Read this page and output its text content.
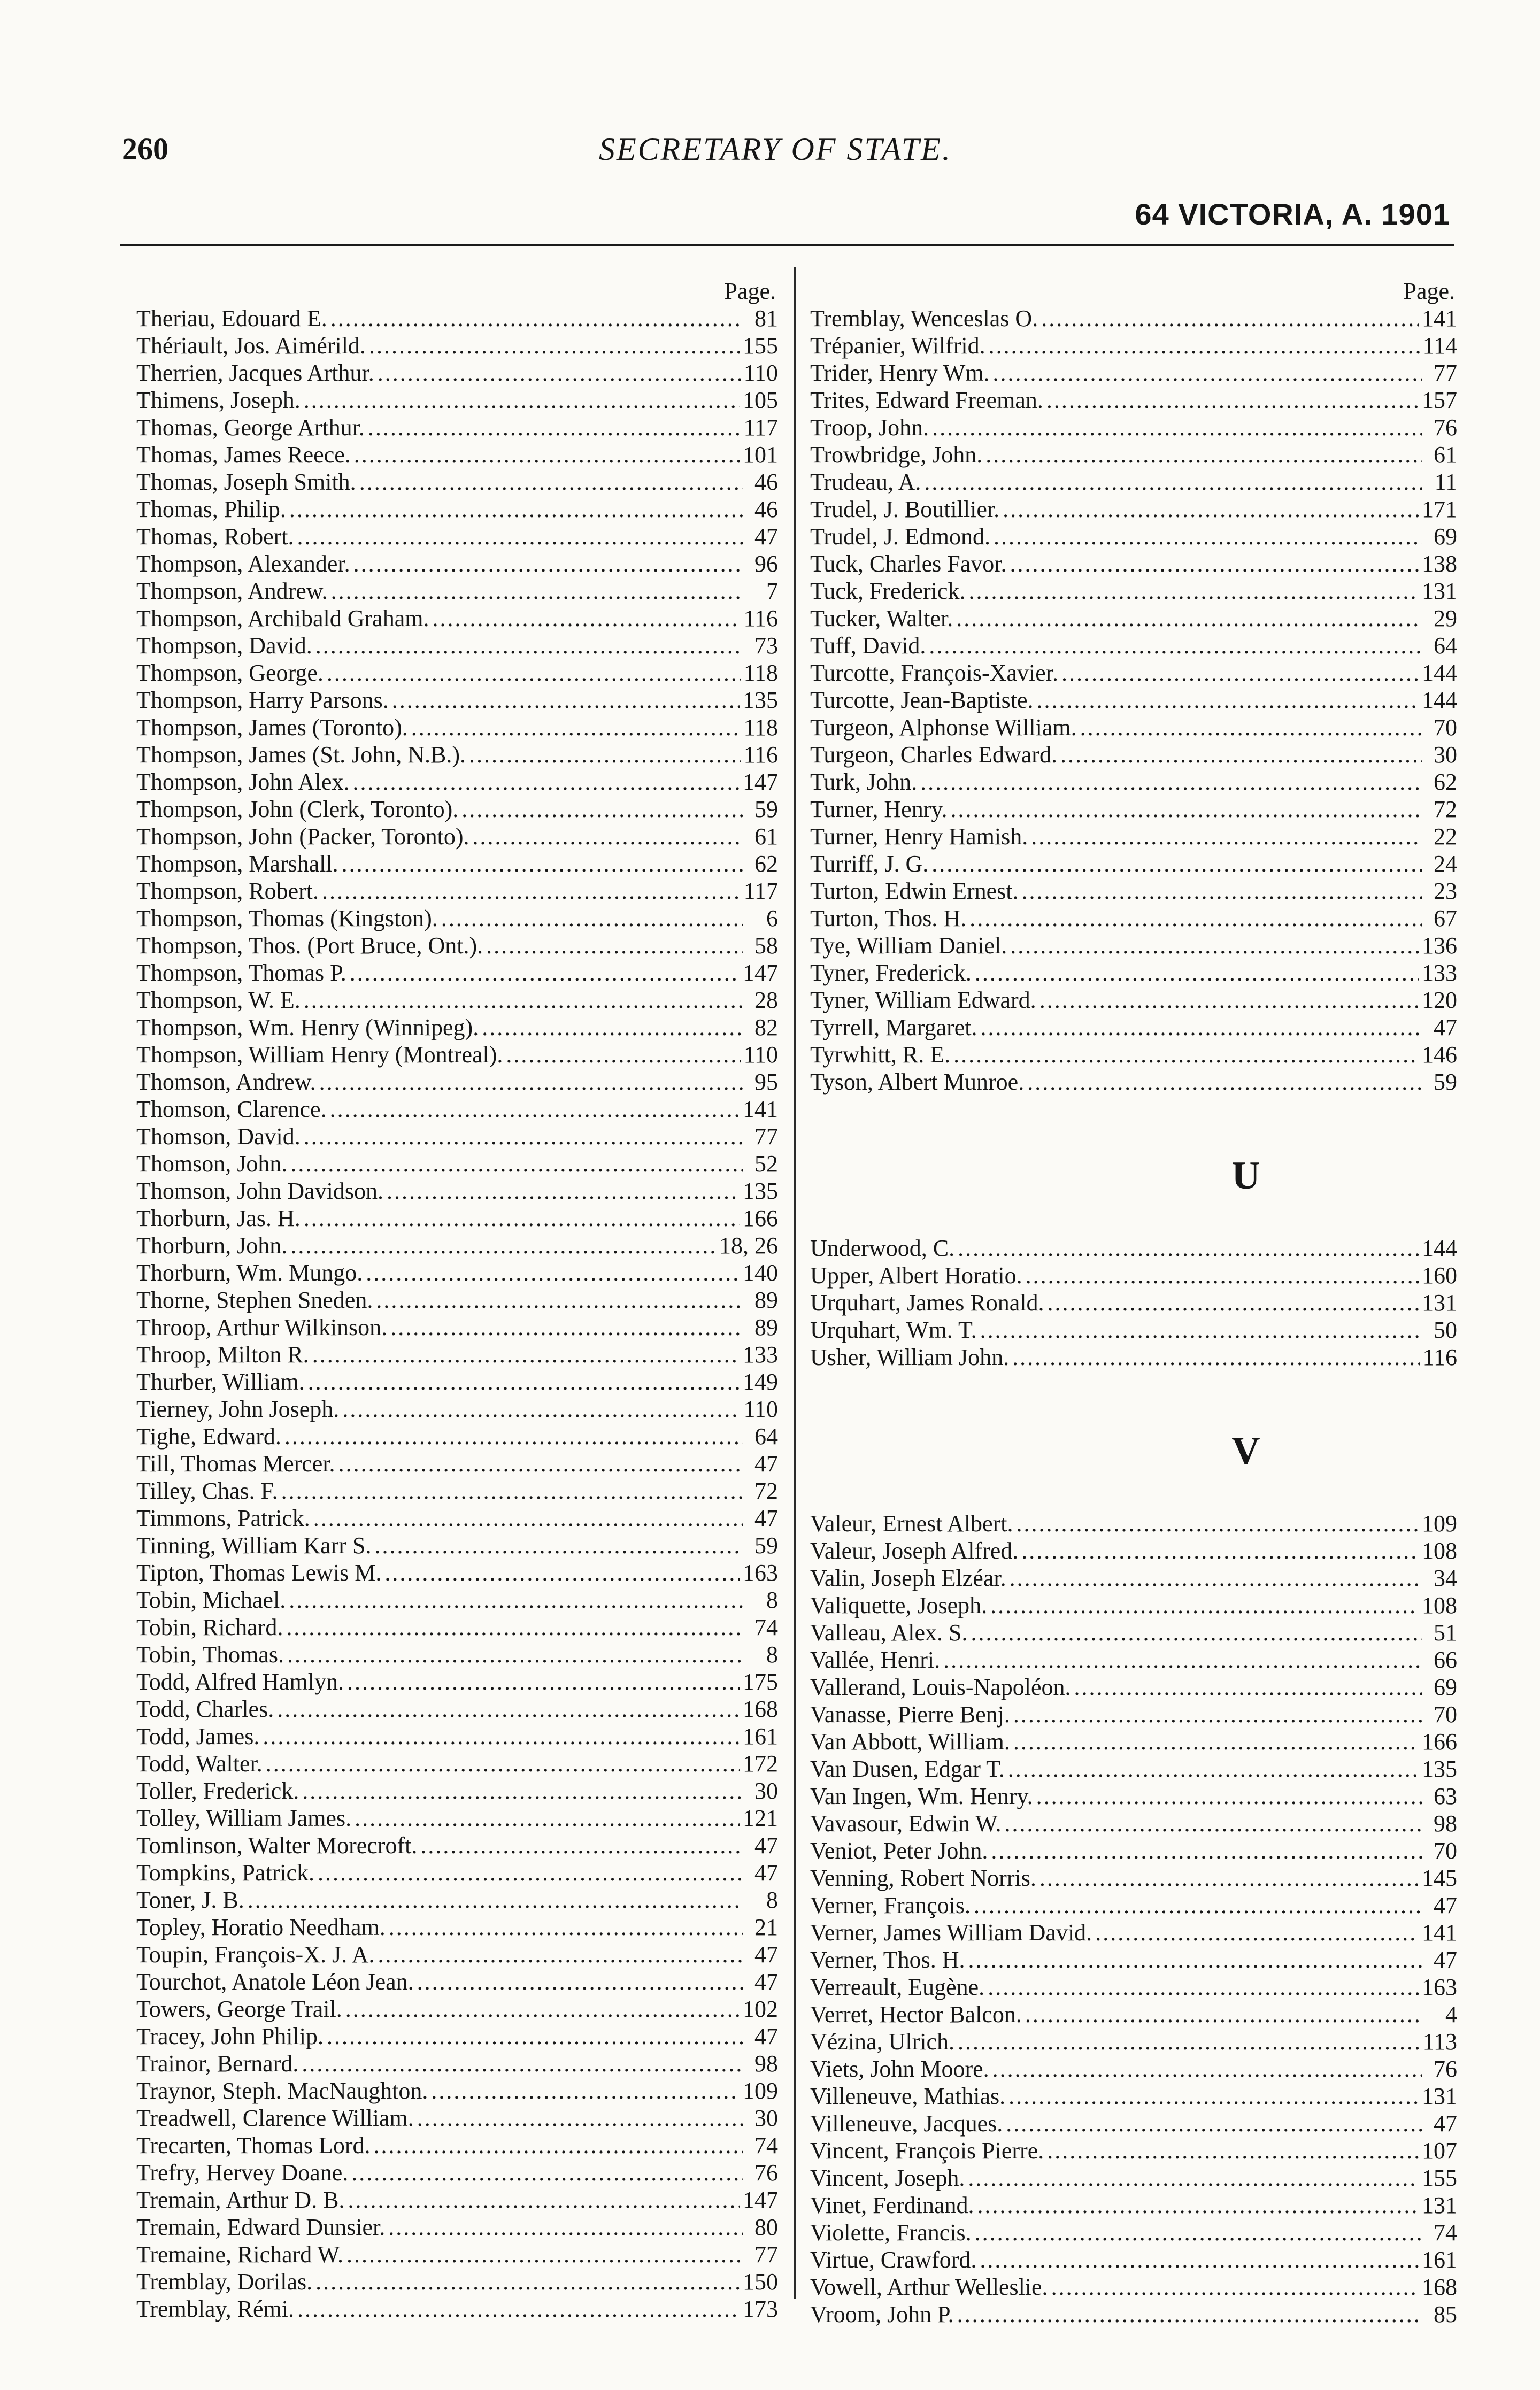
260	SECRETARY OF STATE.
64 VICTORIA, A. 1901
Page.
Theriau, Edouard E. .....	81
Thériault, Jos. Aimérild. .....	155
Therrien, Jacques Arthur. .....	110
Thimens, Joseph. .....	105
Thomas, George Arthur. .....	117
Thomas, James Reece. .....	101
Thomas, Joseph Smith. .....	46
Thomas, Philip. .....	46
Thomas, Robert. .....	47
Thompson, Alexander. .....	96
Thompson, Andrew. .....	7
Thompson, Archibald Graham. .....	116
Thompson, David. .....	73
Thompson, George. .....	118
Thompson, Harry Parsons. .....	135
Thompson, James (Toronto). .....	118
Thompson, James (St. John, N.B.). .....	116
Thompson, John Alex. .....	147
Thompson, John (Clerk, Toronto). .....	59
Thompson, John (Packer, Toronto). .....	61
Thompson, Marshall. .....	62
Thompson, Robert. .....	117
Thompson, Thomas (Kingston). .....	6
Thompson, Thos. (Port Bruce, Ont.). .....	58
Thompson, Thomas P. .....	147
Thompson, W. E. .....	28
Thompson, Wm. Henry (Winnipeg). .....	82
Thompson, William Henry (Montreal). .....	110
Thomson, Andrew. .....	95
Thomson, Clarence. .....	141
Thomson, David. .....	77
Thomson, John. .....	52
Thomson, John Davidson. .....	135
Thorburn, Jas. H. .....	166
Thorburn, John. .....	18, 26
Thorburn, Wm. Mungo. .....	140
Thorne, Stephen Sneden. .....	89
Throop, Arthur Wilkinson. .....	89
Throop, Milton R. .....	133
Thurber, William. .....	149
Tierney, John Joseph. .....	110
Tighe, Edward. .....	64
Till, Thomas Mercer. .....	47
Tilley, Chas. F. .....	72
Timmons, Patrick. .....	47
Tinning, William Karr S. .....	59
Tipton, Thomas Lewis M. .....	163
Tobin, Michael. .....	8
Tobin, Richard. .....	74
Tobin, Thomas. .....	8
Todd, Alfred Hamlyn. .....	175
Todd, Charles. .....	168
Todd, James. .....	161
Todd, Walter. .....	172
Toller, Frederick. .....	30
Tolley, William James. .....	121
Tomlinson, Walter Morecroft. .....	47
Tompkins, Patrick. .....	47
Toner, J. B. .....	8
Topley, Horatio Needham. .....	21
Toupin, François-X. J. A. .....	47
Tourchot, Anatole Léon Jean. .....	47
Towers, George Trail. .....	102
Tracey, John Philip. .....	47
Trainor, Bernard. .....	98
Traynor, Steph. MacNaughton. .....	109
Treadwell, Clarence William. .....	30
Trecarten, Thomas Lord. .....	74
Trefry, Hervey Doane. .....	76
Tremain, Arthur D. B. .....	147
Tremain, Edward Dunsier. .....	80
Tremaine, Richard W. .....	77
Tremblay, Dorilas. .....	150
Tremblay, Rémi. .....	173
Page.
Tremblay, Wenceslas O. .....	141
Trépanier, Wilfrid. .....	114
Trider, Henry Wm. .....	77
Trites, Edward Freeman. .....	157
Troop, John. .....	76
Trowbridge, John. .....	61
Trudeau, A. .....	11
Trudel, J. Boutillier. .....	171
Trudel, J. Edmond. .....	69
Tuck, Charles Favor. .....	138
Tuck, Frederick. .....	131
Tucker, Walter. .....	29
Tuff, David. .....	64
Turcotte, François-Xavier. .....	144
Turcotte, Jean-Baptiste. .....	144
Turgeon, Alphonse William. .....	70
Turgeon, Charles Edward. .....	30
Turk, John. .....	62
Turner, Henry. .....	72
Turner, Henry Hamish. .....	22
Turriff, J. G. .....	24
Turton, Edwin Ernest. .....	23
Turton, Thos. H. .....	67
Tye, William Daniel. .....	136
Tyner, Frederick. .....	133
Tyner, William Edward. .....	120
Tyrrell, Margaret. .....	47
Tyrwhitt, R. E. .....	146
Tyson, Albert Munroe. .....	59
U
Underwood, C. .....	144
Upper, Albert Horatio. .....	160
Urquhart, James Ronald. .....	131
Urquhart, Wm. T. .....	50
Usher, William John. .....	116
V
Valeur, Ernest Albert. .....	109
Valeur, Joseph Alfred. .....	108
Valin, Joseph Elzéar. .....	34
Valiquette, Joseph. .....	108
Valleau, Alex. S. .....	51
Vallée, Henri. .....	66
Vallerand, Louis-Napoléon. .....	69
Vanasse, Pierre Benj. .....	70
Van Abbott, William. .....	166
Van Dusen, Edgar T. .....	135
Van Ingen, Wm. Henry. .....	63
Vavasour, Edwin W. .....	98
Veniot, Peter John. .....	70
Venning, Robert Norris. .....	145
Verner, François. .....	47
Verner, James William David. .....	141
Verner, Thos. H. .....	47
Verreault, Eugène. .....	163
Verret, Hector Balcon. .....	4
Vézina, Ulrich. .....	113
Viets, John Moore. .....	76
Villeneuve, Mathias. .....	131
Villeneuve, Jacques. .....	47
Vincent, François Pierre. .....	107
Vincent, Joseph. .....	155
Vinet, Ferdinand. .....	131
Violette, Francis. .....	74
Virtue, Crawford. .....	161
Vowell, Arthur Welleslie. .....	168
Vroom, John P. .....	85
